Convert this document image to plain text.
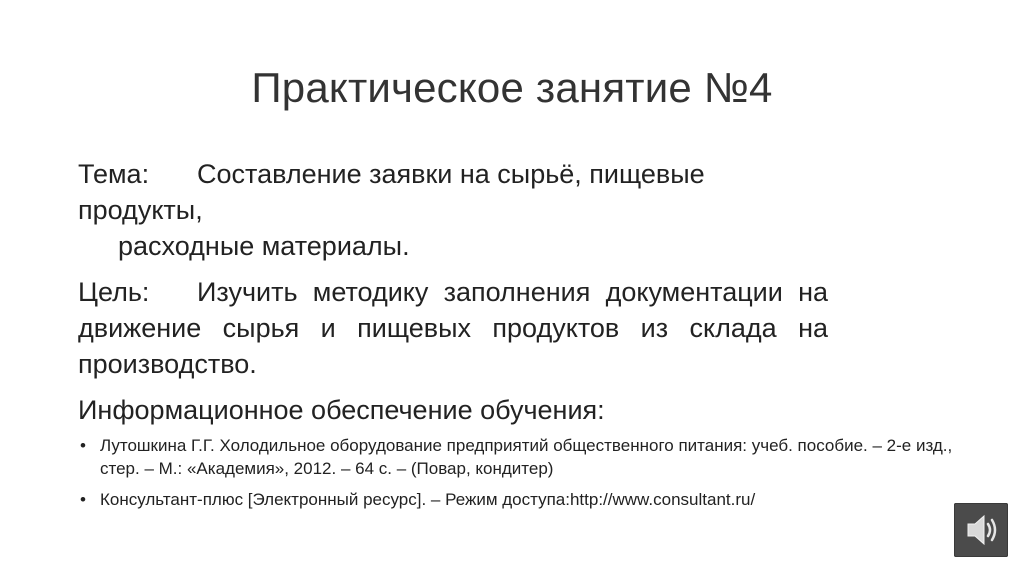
Практическое занятие №4

Тема: Составление заявки на сырьё, пищевые продукты,
расходные материалы.

Цель: Изучить методику заполнения документации на движение сырья и пищевых продуктов из склада на производство.

Информационное обеспечение обучения:

• Лутошкина Г.Г. Холодильное оборудование предприятий общественного питания: учеб. пособие. – 2-е изд., стер. – М.: «Академия», 2012. – 64 с. – (Повар, кондитер)
• Консультант-плюс [Электронный ресурс]. – Режим доступа:http://www.consultant.ru/
